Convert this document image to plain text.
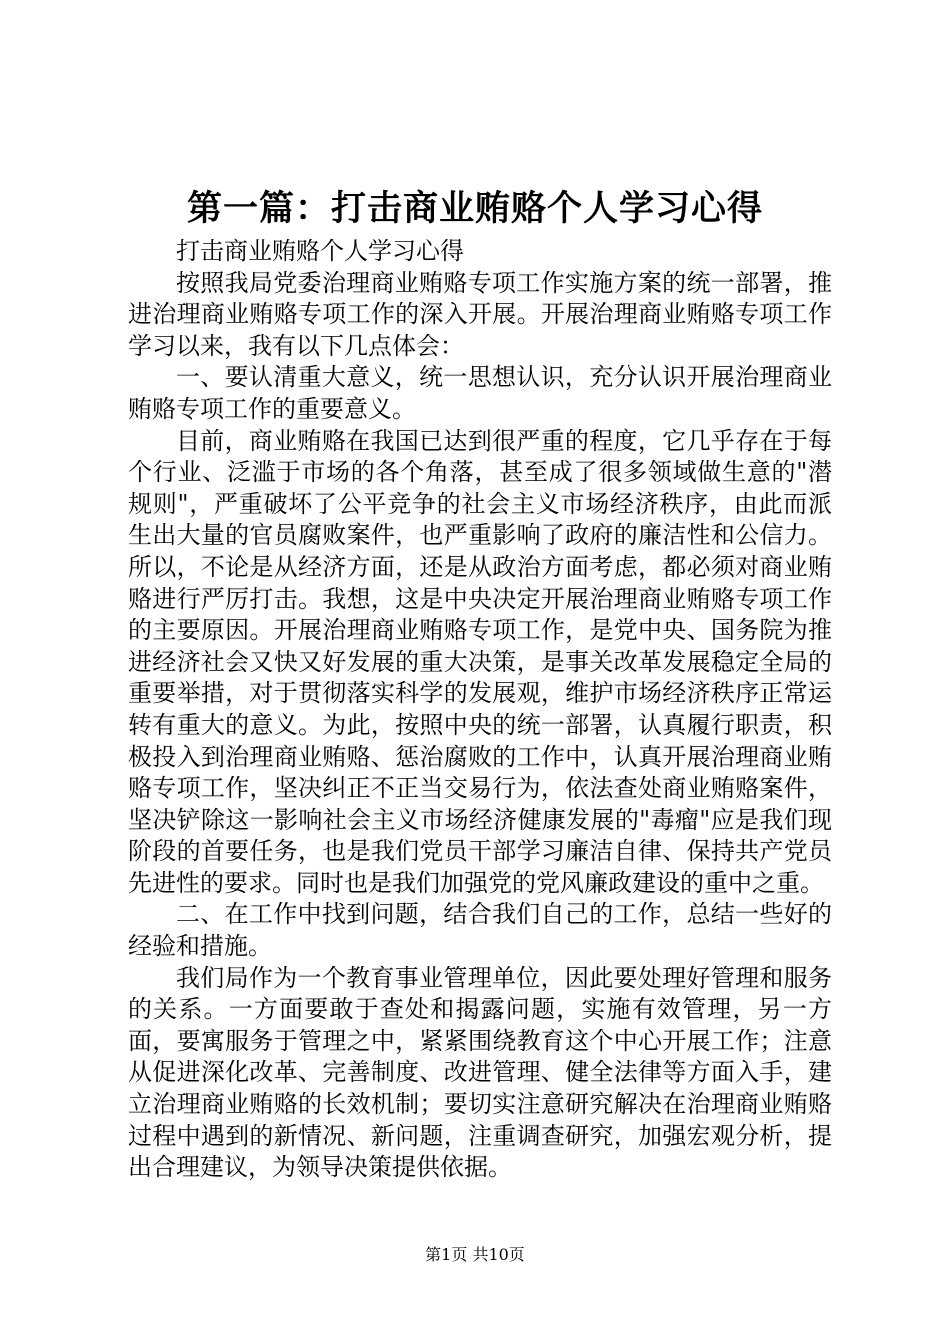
第一篇：打击商业贿赂个人学习心得

打击商业贿赂个人学习心得

按照我局党委治理商业贿赂专项工作实施方案的统一部署，推进治理商业贿赂专项工作的深入开展。开展治理商业贿赂专项工作学习以来，我有以下几点体会：

一、要认清重大意义，统一思想认识，充分认识开展治理商业贿赂专项工作的重要意义。

目前，商业贿赂在我国已达到很严重的程度，它几乎存在于每个行业、泛滥于市场的各个角落，甚至成了很多领域做生意的"潜规则"，严重破坏了公平竞争的社会主义市场经济秩序，由此而派生出大量的官员腐败案件，也严重影响了政府的廉洁性和公信力。所以，不论是从经济方面，还是从政治方面考虑，都必须对商业贿赂进行严厉打击。我想，这是中央决定开展治理商业贿赂专项工作的主要原因。开展治理商业贿赂专项工作，是党中央、国务院为推进经济社会又快又好发展的重大决策，是事关改革发展稳定全局的重要举措，对于贯彻落实科学的发展观，维护市场经济秩序正常运转有重大的意义。为此，按照中央的统一部署，认真履行职责，积极投入到治理商业贿赂、惩治腐败的工作中，认真开展治理商业贿赂专项工作，坚决纠正不正当交易行为，依法查处商业贿赂案件，坚决铲除这一影响社会主义市场经济健康发展的"毒瘤"应是我们现阶段的首要任务，也是我们党员干部学习廉洁自律、保持共产党员先进性的要求。同时也是我们加强党的党风廉政建设的重中之重。

二、在工作中找到问题，结合我们自己的工作，总结一些好的经验和措施。

我们局作为一个教育事业管理单位，因此要处理好管理和服务的关系。一方面要敢于查处和揭露问题，实施有效管理，另一方面，要寓服务于管理之中，紧紧围绕教育这个中心开展工作；注意从促进深化改革、完善制度、改进管理、健全法律等方面入手，建立治理商业贿赂的长效机制；要切实注意研究解决在治理商业贿赂过程中遇到的新情况、新问题，注重调查研究，加强宏观分析，提出合理建议，为领导决策提供依据。

第1页 共10页
